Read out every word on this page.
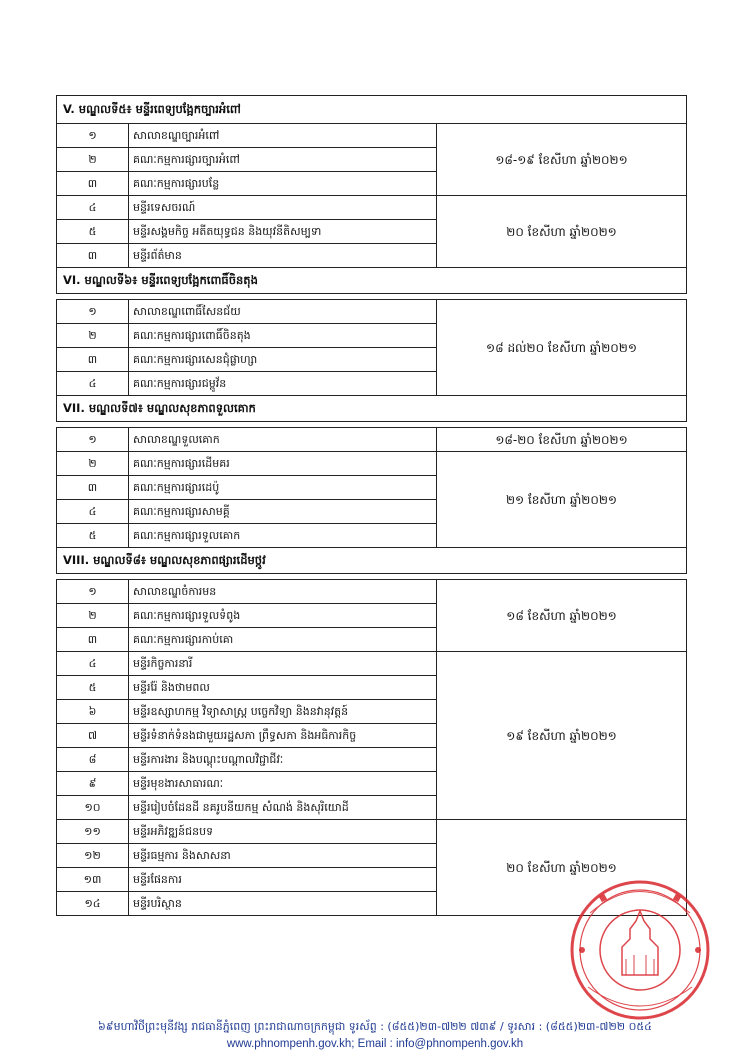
V. មណ្ឌលទី៥៖ មន្ទីរពេទ្យបង្អែកច្បារអំពៅ		
១	សាលាខណ្ឌច្បារអំពៅ	១៨-១៩ ខែសីហា ឆ្នាំ២០២១
២	គណៈកម្មការផ្សារច្បារអំពៅ	
៣	គណៈកម្មការផ្សារបន្លែ	
៤	មន្ទីរទេសចរណ៍	២០ ខែសីហា ឆ្នាំ២០២១
៥	មន្ទីរសង្គមកិច្ច អតីតយុទ្ធជន និងយុវនីតិសម្បទា	
៣	មន្ទីរព័ត៌មាន	
VI. មណ្ឌលទី៦៖ មន្ទីរពេទ្យបង្អែកពោធិ៍ចិនតុង		

១	សាលាខណ្ឌពោធិ៍សែនជ័យ	១៨ ដល់២០ ខែសីហា ឆ្នាំ២០២១
២	គណៈកម្មការផ្សារពោធិ៍ចិនតុង	
៣	គណៈកម្មការផ្សារសេនជុំផ្លាហ្សា	
៤	គណៈកម្មការផ្សារជម្ពូវ័ន	
VII. មណ្ឌលទី៧៖ មណ្ឌលសុខភាពទួលគោក		

១	សាលាខណ្ឌទួលគោក	១៨-២០ ខែសីហា ឆ្នាំ២០២១
២	គណៈកម្មការផ្សារដើមគរ	២១ ខែសីហា ឆ្នាំ២០២១
៣	គណៈកម្មការផ្សារដេប៉ូ	
៤	គណៈកម្មការផ្សារសាមគ្គី	
៥	គណៈកម្មការផ្សារទួលគោក	
VIII. មណ្ឌលទី៨៖ មណ្ឌលសុខភាពផ្សារដើមថ្កូវ		

១	សាលាខណ្ឌចំការមន	១៨ ខែសីហា ឆ្នាំ២០២១
២	គណៈកម្មការផ្សារទួលទំពូង	
៣	គណៈកម្មការផ្សារកាប់គោ	
៤	មន្ទីរកិច្ចការនារី	១៩ ខែសីហា ឆ្នាំ២០២១
៥	មន្ទីររ៉ែ និងថាមពល	
៦	មន្ទីរឧស្សាហកម្ម វិទ្យាសាស្ត្រ បច្ចេកវិទ្យា និងនវានុវត្តន៍	
៧	មន្ទីរទំនាក់ទំនងជាមួយរដ្ឋសភា ព្រឹទ្ធសភា និងអធិការកិច្ច	
៨	មន្ទីរការងារ និងបណ្ដុះបណ្ដាលវិជ្ជាជីវៈ	
៩	មន្ទីរមុខងារសាធារណៈ	
១០	មន្ទីររៀបចំដែនដី នគរូបនីយកម្ម សំណង់ និងសុរិយោដី	
១១	មន្ទីរអភិវឌ្ឍន៍ជនបទ	២០ ខែសីហា ឆ្នាំ២០២១
១២	មន្ទីរធម្មការ និងសាសនា	
១៣	មន្ទីរផែនការ	
១៤	មន្ទីរបរិស្ថាន	
៦៩មហាវិថីព្រះមុនីវង្ស រាជធានីភ្នំពេញ ព្រះរាជាណាចក្រកម្ពុជា ទូរស័ព្ទ : (៨៥៥)២៣-៧២២ ៧៣៩ / ទូរសារ : (៨៥៥)២៣-៧២២ ០៥៤
www.phnompenh.gov.kh; Email : info@phnompenh.gov.kh
